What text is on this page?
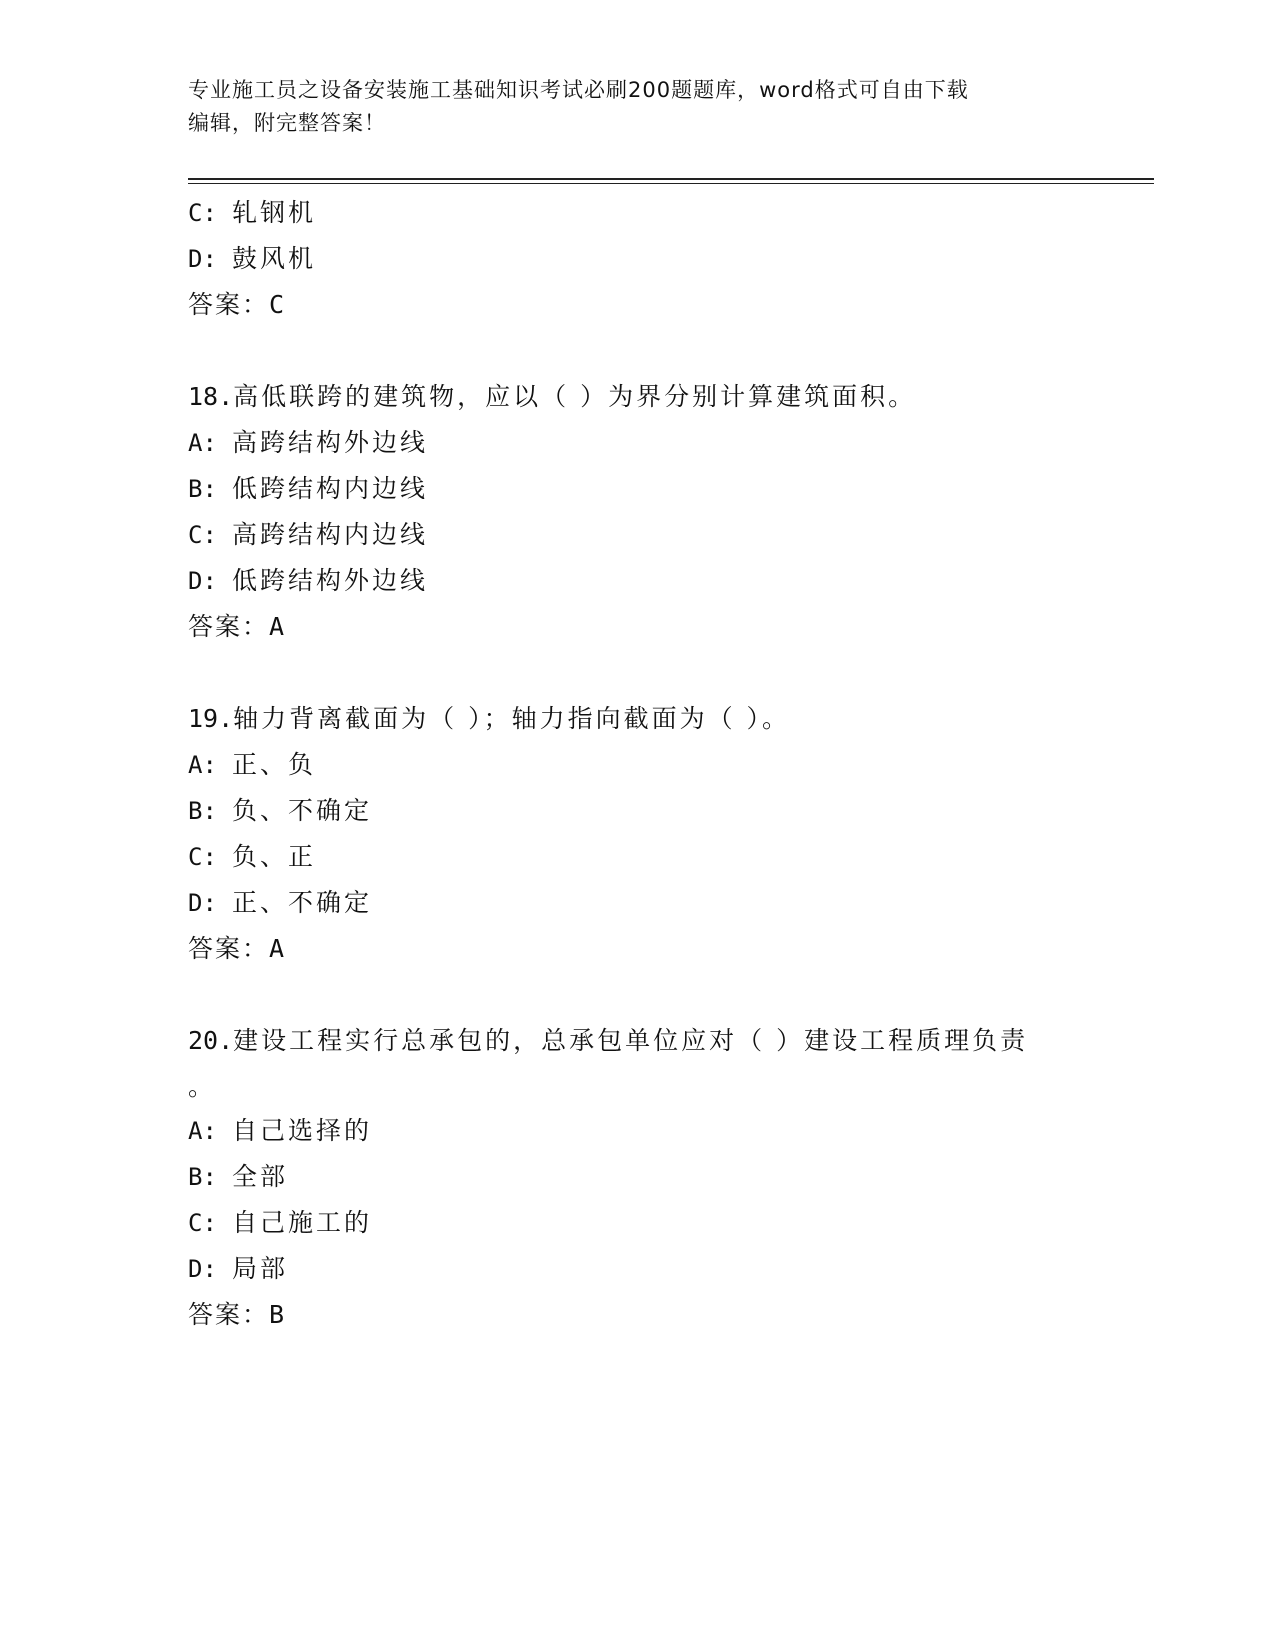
专业施工员之设备安装施工基础知识考试必刷200题题库，word格式可自由下载
编辑，附完整答案！
C: 轧钢机
D: 鼓风机
答案：C
18.高低联跨的建筑物，应以（ ）为界分别计算建筑面积。
A: 高跨结构外边线
B: 低跨结构内边线
C: 高跨结构内边线
D: 低跨结构外边线
答案：A
19.轴力背离截面为（ ）；轴力指向截面为（ ）。
A: 正、负
B: 负、不确定
C: 负、正
D: 正、不确定
答案：A
20.建设工程实行总承包的，总承包单位应对（ ）建设工程质理负责
。
A: 自己选择的
B: 全部
C: 自己施工的
D: 局部
答案：B
